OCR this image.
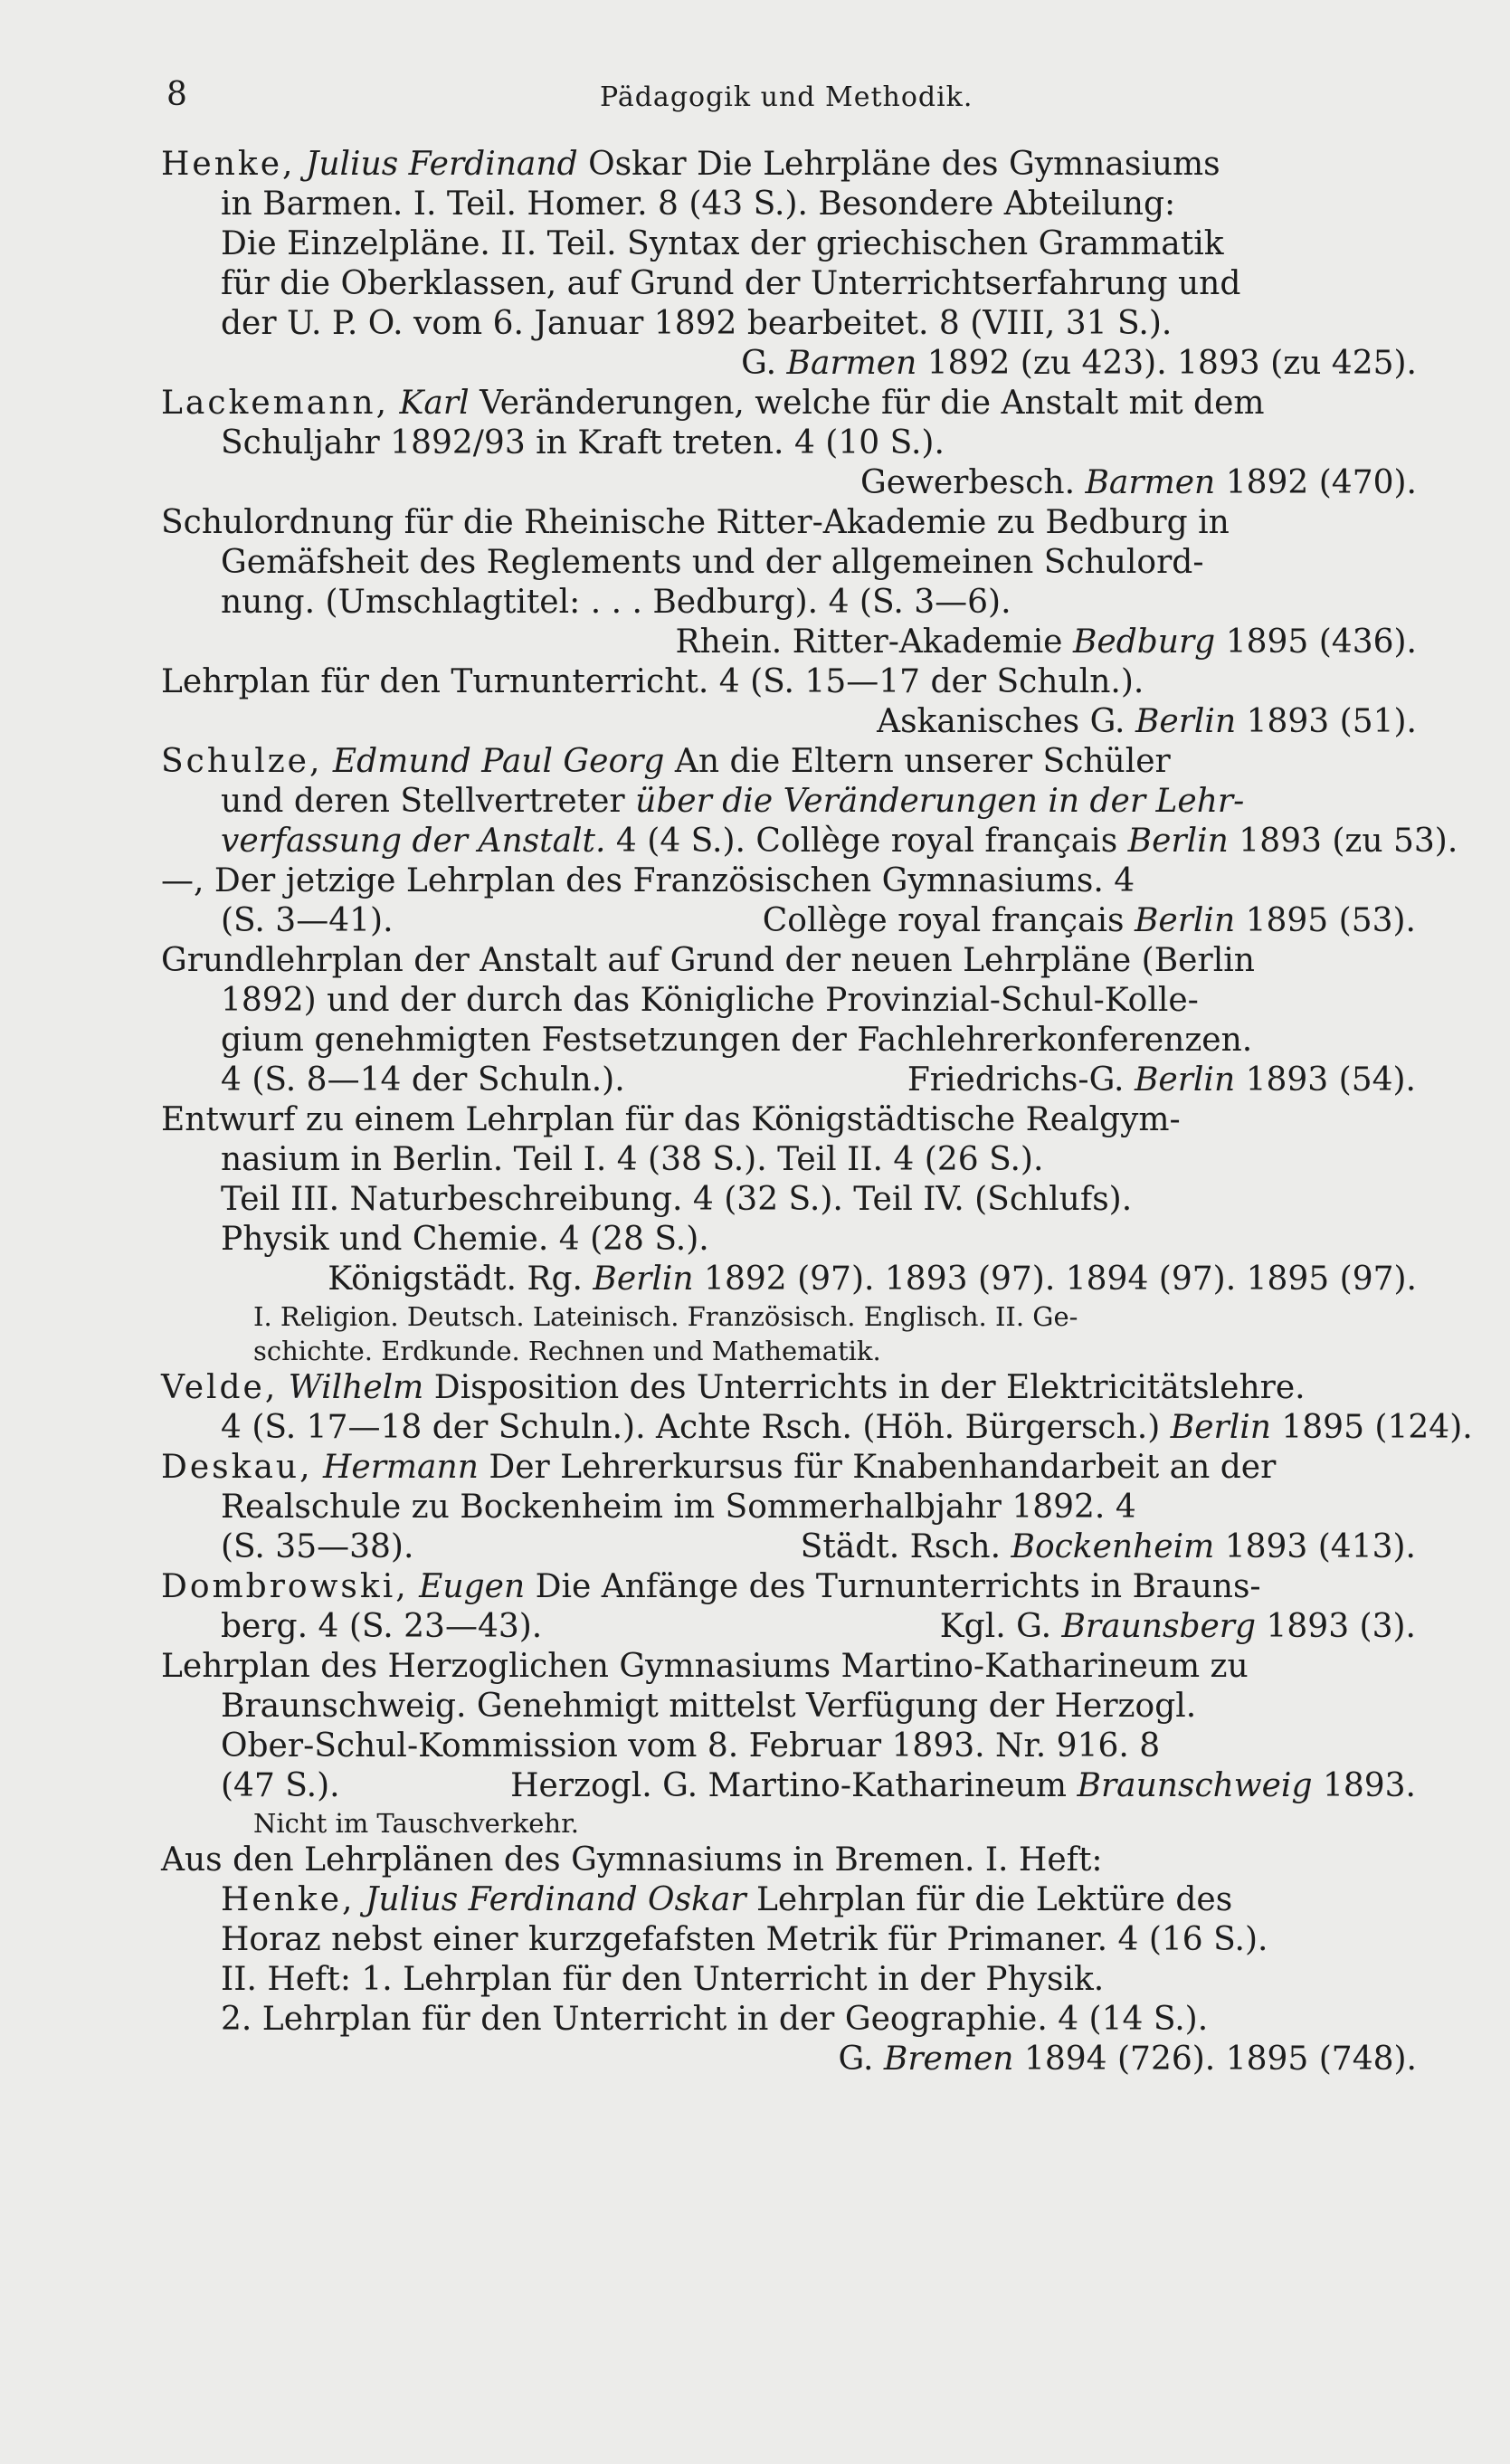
8	Pädagogik und Methodik.
Henke, Julius Ferdinand Oskar Die Lehrpläne des Gymnasiums
in Barmen. I. Teil. Homer. 8 (43 S.). Besondere Abteilung:
Die Einzelpläne. II. Teil. Syntax der griechischen Grammatik
für die Oberklassen, auf Grund der Unterrichtserfahrung und
der U. P. O. vom 6. Januar 1892 bearbeitet. 8 (VIII, 31 S.).
G. Barmen 1892 (zu 423). 1893 (zu 425).
Lackemann, Karl Veränderungen, welche für die Anstalt mit dem
Schuljahr 1892/93 in Kraft treten. 4 (10 S.).
Gewerbesch. Barmen 1892 (470).
Schulordnung für die Rheinische Ritter-Akademie zu Bedburg in
Gemäfsheit des Reglements und der allgemeinen Schulord-
nung. (Umschlagtitel: . . . Bedburg). 4 (S. 3—6).
Rhein. Ritter-Akademie Bedburg 1895 (436).
Lehrplan für den Turnunterricht. 4 (S. 15—17 der Schuln.).
Askanisches G. Berlin 1893 (51).
Schulze, Edmund Paul Georg An die Eltern unserer Schüler
und deren Stellvertreter über die Veränderungen in der Lehr-
verfassung der Anstalt. 4 (4 S.). Collège royal français Berlin 1893 (zu 53).
—, Der jetzige Lehrplan des Französischen Gymnasiums. 4
(S. 3—41).	Collège royal français Berlin 1895 (53).
Grundlehrplan der Anstalt auf Grund der neuen Lehrpläne (Berlin
1892) und der durch das Königliche Provinzial-Schul-Kolle-
gium genehmigten Festsetzungen der Fachlehrerkonferenzen.
4 (S. 8—14 der Schuln.).	Friedrichs-G. Berlin 1893 (54).
Entwurf zu einem Lehrplan für das Königstädtische Realgym-
nasium in Berlin. Teil I. 4 (38 S.). Teil II. 4 (26 S.).
Teil III. Naturbeschreibung. 4 (32 S.). Teil IV. (Schlufs).
Physik und Chemie. 4 (28 S.).
Königstädt. Rg. Berlin 1892 (97). 1893 (97). 1894 (97). 1895 (97).
I. Religion. Deutsch. Lateinisch. Französisch. Englisch. II. Ge-
schichte. Erdkunde. Rechnen und Mathematik.
Velde, Wilhelm Disposition des Unterrichts in der Elektricitätslehre.
4 (S. 17—18 der Schuln.). Achte Rsch. (Höh. Bürgersch.) Berlin 1895 (124).
Deskau, Hermann Der Lehrerkursus für Knabenhandarbeit an der
Realschule zu Bockenheim im Sommerhalbjahr 1892. 4
(S. 35—38).	Städt. Rsch. Bockenheim 1893 (413).
Dombrowski, Eugen Die Anfänge des Turnunterrichts in Brauns-
berg. 4 (S. 23—43).	Kgl. G. Braunsberg 1893 (3).
Lehrplan des Herzoglichen Gymnasiums Martino-Katharineum zu
Braunschweig. Genehmigt mittelst Verfügung der Herzogl.
Ober-Schul-Kommission vom 8. Februar 1893. Nr. 916. 8
(47 S.).	Herzogl. G. Martino-Katharineum Braunschweig 1893.
Nicht im Tauschverkehr.
Aus den Lehrplänen des Gymnasiums in Bremen. I. Heft:
Henke, Julius Ferdinand Oskar Lehrplan für die Lektüre des
Horaz nebst einer kurzgefafsten Metrik für Primaner. 4 (16 S.).
II. Heft: 1. Lehrplan für den Unterricht in der Physik.
2. Lehrplan für den Unterricht in der Geographie. 4 (14 S.).
G. Bremen 1894 (726). 1895 (748).
